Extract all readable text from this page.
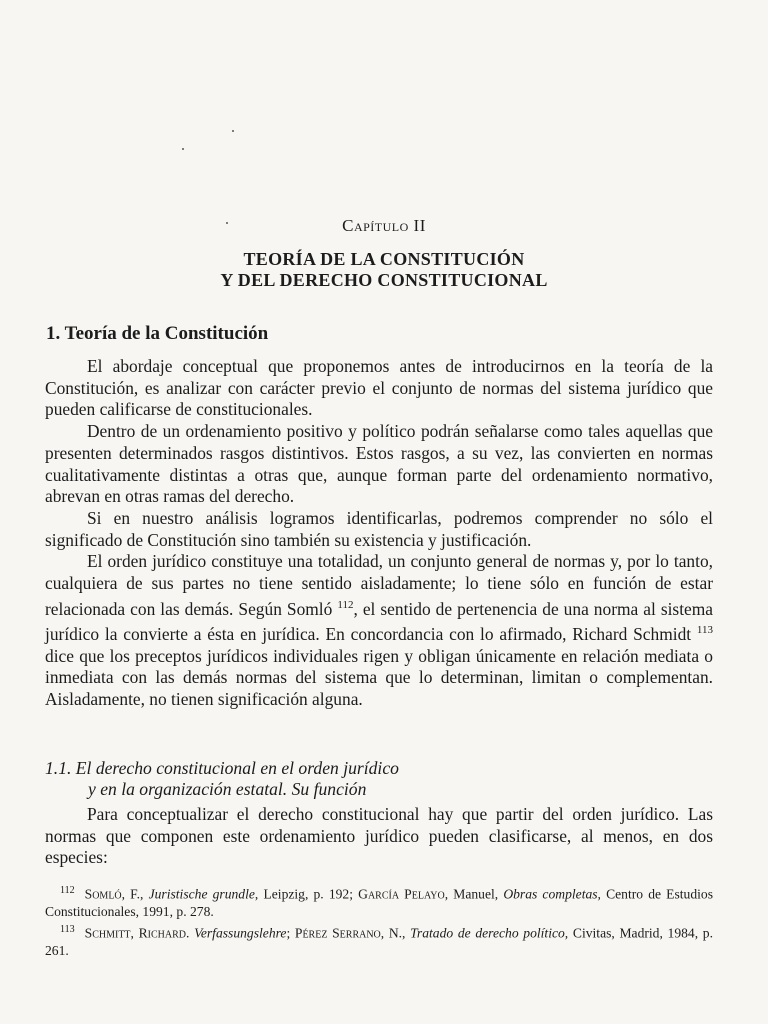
Capítulo II
TEORÍA DE LA CONSTITUCIÓN
Y DEL DERECHO CONSTITUCIONAL
1. Teoría de la Constitución

El abordaje conceptual que proponemos antes de introducirnos en la teoría de la Constitución, es analizar con carácter previo el conjunto de normas del sistema jurídico que pueden calificarse de constitucionales.

Dentro de un ordenamiento positivo y político podrán señalarse como tales aquellas que presenten determinados rasgos distintivos. Estos rasgos, a su vez, las convierten en normas cualitativamente distintas a otras que, aunque forman parte del ordenamiento normativo, abrevan en otras ramas del derecho.

Si en nuestro análisis logramos identificarlas, podremos comprender no sólo el significado de Constitución sino también su existencia y justificación.

El orden jurídico constituye una totalidad, un conjunto general de normas y, por lo tanto, cualquiera de sus partes no tiene sentido aisladamente; lo tiene sólo en función de estar relacionada con las demás. Según Somló $^{112}$, el sentido de pertenencia de una norma al sistema jurídico la convierte a ésta en jurídica. En concordancia con lo afirmado, Richard Schmidt $^{113}$ dice que los preceptos jurídicos individuales rigen y obligan únicamente en relación mediata o inmediata con las demás normas del sistema que lo determinan, limitan o complementan. Aisladamente, no tienen significación alguna.

1.1. El derecho constitucional en el orden jurídico
y en la organización estatal. Su función

Para conceptualizar el derecho constitucional hay que partir del orden jurídico. Las normas que componen este ordenamiento jurídico pueden clasificarse, al menos, en dos especies:

$^{112}$ Somló, F., Juristische grundle, Leipzig, p. 192; García Pelayo, Manuel, Obras completas, Centro de Estudios Constitucionales, 1991, p. 278.

$^{113}$ Schmitt, Richard. Verfassungslehre; Pérez Serrano, N., Tratado de derecho político, Civitas, Madrid, 1984, p. 261.
